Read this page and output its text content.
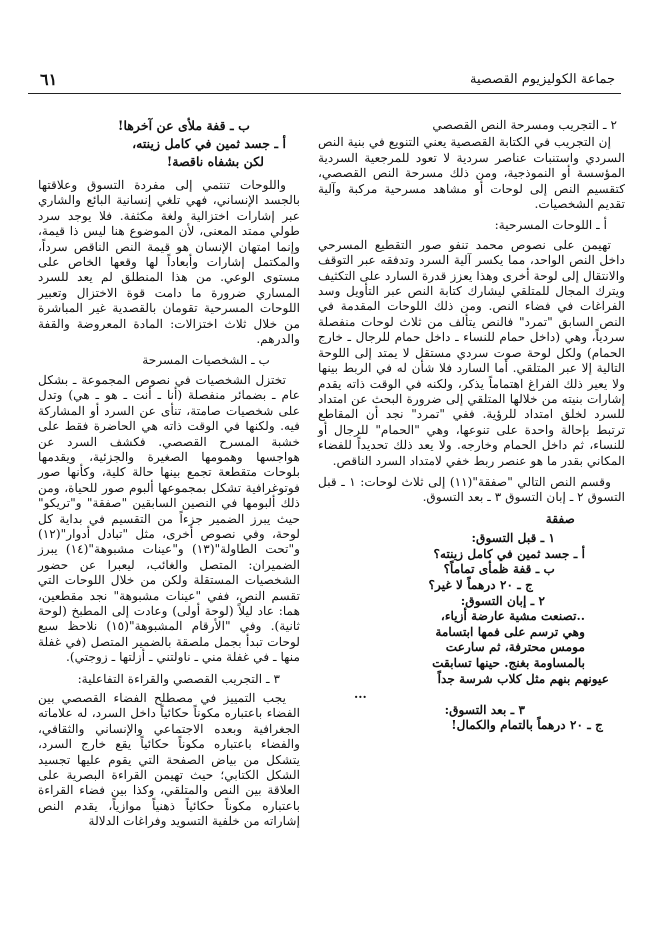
٦١	جماعة الكوليزيوم القصصية

٢ ـ التجريب ومسرحة النص القصصي

إن التجريب في الكتابة القصصية يعني التنويع في بنية النص السردي واستنبات عناصر سردية لا تعود للمرجعية السردية المؤسسة أو النموذجية، ومن ذلك مسرحة النص القصصي، كتقسيم النص إلى لوحات أو مشاهد مسرحية مركبة وآلية تقديم الشخصيات.

أ ـ اللوحات المسرحية:

تهيمن على نصوص محمد تنفو صور التقطيع المسرحي داخل النص الواحد، مما يكسر آلية السرد وتدفقه عبر التوقف والانتقال إلى لوحة أخرى وهذا يعزز قدرة السارد على التكثيف ويترك المجال للمتلقي ليشارك كتابة النص عبر التأويل وسد الفراغات في فضاء النص. ومن ذلك اللوحات المقدمة في النص السابق "تمرد" فالنص يتألف من ثلاث لوحات منفصلة سردياً، وهي (داخل حمام للنساء ـ داخل حمام للرجال ـ خارج الحمام) ولكل لوحة صوت سردي مستقل لا يمتد إلى اللوحة التالية إلا عبر المتلقي. أما السارد فلا شأن له في الربط بينها ولا يعير ذلك الفراغ اهتماماً يذكر، ولكنه في الوقت ذاته يقدم إشارات بنيته من خلالها المتلقي إلى ضرورة البحث عن امتداد للسرد لخلق امتداد للرؤية. ففي "تمرد" نجد أن المقاطع ترتبط بإحالة واحدة على تنوعها، وهي "الحمام" للرجال أو للنساء، ثم داخل الحمام وخارجه. ولا يعد ذلك تحديداً للفضاء المكاني بقدر ما هو عنصر ربط خفي لامتداد السرد الناقص.

وقسم النص التالي "صفقة"(١١) إلى ثلاث لوحات: ١ ـ قبل التسوق ٢ ـ إبان التسوق ٣ ـ بعد التسوق.

صفقة

١ ـ قبل التسوق:

أ ـ جسد ثمين في كامل زينته؟

ب ـ قفة ظمأى تماماً؟

ج ـ ٢٠ درهماً لا غير؟

٢ ـ إبان التسوق:

..تصنعت مشية عارضة أزياء،

وهي ترسم على فمها ابتسامة

مومس محترفة، ثم سارعت

بالمساومة بغنج. حينها تسابقت

عيونهم بنهم مثل كلاب شرسة جداً

...

٣ ـ بعد التسوق:

ج ـ ٢٠ درهماً بالتمام والكمال!

ب ـ قفة ملأى عن آخرها!

أ ـ جسد ثمين في كامل زينته،

لكن بشفاه ناقصة!

واللوحات تنتمي إلى مفردة التسوق وعلاقتها بالجسد الإنساني، فهي تلغي إنسانية البائع والشاري عبر إشارات اختزالية ولغة مكثفة. فلا يوجد سرد طولي ممتد المعنى، لأن الموضوع هنا ليس ذا قيمة، وإنما امتهان الإنسان هو قيمة النص الناقص سرداً، والمكتمل إشارات وأبعاداً لها وقعها الخاص على مستوى الوعي. من هذا المنطلق لم يعد للسرد المساري ضرورة ما دامت قوة الاختزال وتعبير اللوحات المسرحية تقومان بالقصدية غير المباشرة من خلال ثلاث اختزالات: المادة المعروضة والقفة والدرهم.

ب ـ الشخصيات المسرحة

تختزل الشخصيات في نصوص المجموعة ـ بشكل عام ـ بضمائر منفصلة (أنا ـ أنت ـ هو ـ هي) وتدل على شخصيات صامتة، تنأى عن السرد أو المشاركة فيه. ولكنها في الوقت ذاته هي الحاضرة فقط على خشبة المسرح القصصي. فكشف السرد عن هواجسها وهمومها الصغيرة والجزئية، ويقدمها بلوحات متقطعة تجمع بينها حالة كلية، وكأنها صور فوتوغرافية تشكل بمجموعها ألبوم صور للحياة، ومن ذلك ألبومها في النصين السابقين "صفقة" و"تريكو" حيث يبرز الضمير جزءاً من التقسيم في بداية كل لوحة، وفي نصوص أخرى، مثل "تبادل أدوار"(١٢) و"تحت الطاولة"(١٣) و"عينات مشبوهة"(١٤) يبرز الضميران: المتصل والغائب، ليعبرا عن حضور الشخصيات المستقلة ولكن من خلال اللوحات التي تقسم النص، ففي "عينات مشبوهة" نجد مقطعين، هما: عاد ليلاً (لوحة أولى) وعادت إلى المطبخ (لوحة ثانية). وفي "الأرقام المشبوهة"(١٥) نلاحظ سبع لوحات تبدأ بجمل ملصقة بالضمير المتصل (في غفلة منها ـ في غفلة مني ـ ناولتني ـ أزلتها ـ زوجتي).

٣ ـ التجريب القصصي والقراءة التفاعلية:

يجب التمييز في مصطلح الفضاء القصصي بين الفضاء باعتباره مكوناً حكائياً داخل السرد، له علاماته الجغرافية وبعده الاجتماعي والإنساني والثقافي، والفضاء باعتباره مكوناً حكائياً يقع خارج السرد، يتشكل من بياض الصفحة التي يقوم عليها تجسيد الشكل الكتابي؛ حيث تهيمن القراءة البصرية على العلاقة بين النص والمتلقي، وكذا بين فضاء القراءة باعتباره مكوناً حكائياً ذهنياً موازياً، يقدم النص إشاراته من خلفية التسويد وفراغات الدلالة
